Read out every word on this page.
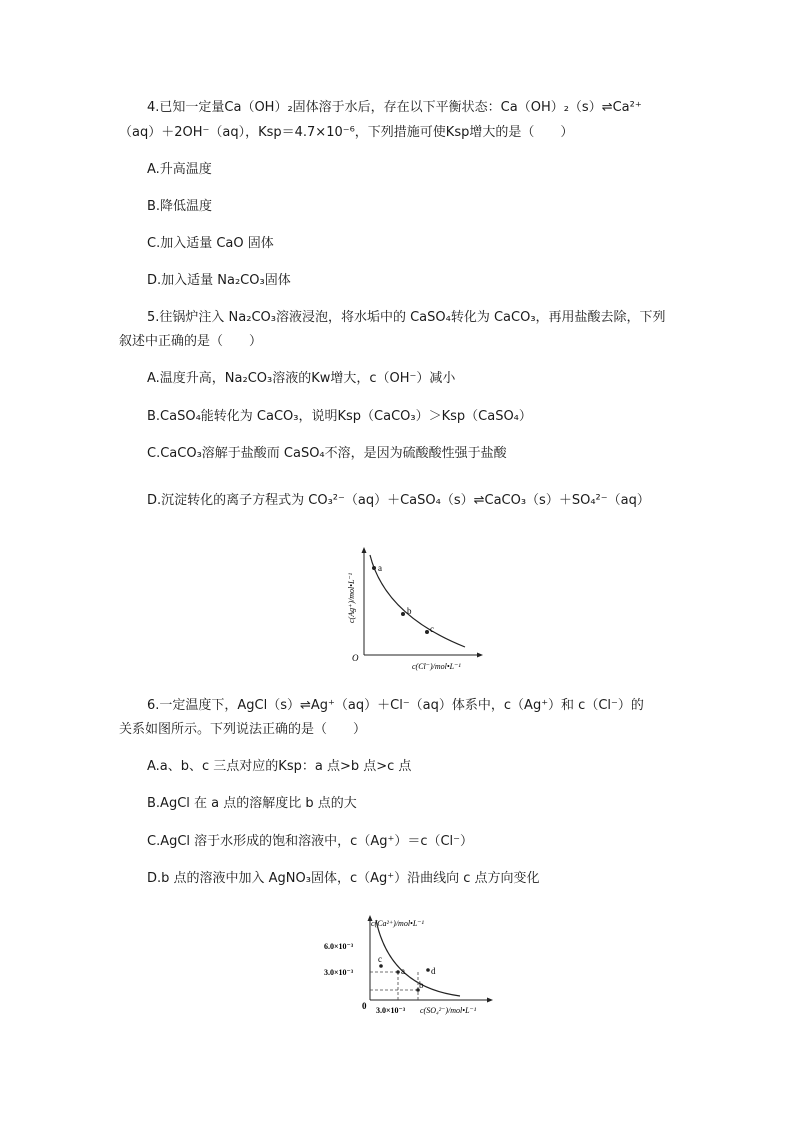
4.已知一定量Ca（OH）₂固体溶于水后，存在以下平衡状态：Ca（OH）₂（s）⇌Ca²⁺
（aq）＋2OH⁻（aq），Ksp＝4.7×10⁻⁶，下列措施可使Ksp增大的是（　　）
A.升高温度
B.降低温度
C.加入适量 CaO 固体
D.加入适量 Na₂CO₃固体
5.往锅炉注入 Na₂CO₃溶液浸泡，将水垢中的 CaSO₄转化为 CaCO₃，再用盐酸去除，下列
叙述中正确的是（　　）
A.温度升高，Na₂CO₃溶液的Kw增大，c（OH⁻）减小
B.CaSO₄能转化为 CaCO₃，说明Ksp（CaCO₃）＞Ksp（CaSO₄）
C.CaCO₃溶解于盐酸而 CaSO₄不溶，是因为硫酸酸性强于盐酸
D.沉淀转化的离子方程式为 CO₃²⁻（aq）＋CaSO₄（s）⇌CaCO₃（s）＋SO₄²⁻（aq）
a
b
c
O
c(Ag⁺)/mol•L⁻¹
c(Cl⁻)/mol•L⁻¹
6.一定温度下，AgCl（s）⇌Ag⁺（aq）＋Cl⁻（aq）体系中，c（Ag⁺）和 c（Cl⁻）的
关系如图所示。下列说法正确的是（　　）
A.a、b、c 三点对应的Ksp：a 点>b 点>c 点
B.AgCl 在 a 点的溶解度比 b 点的大
C.AgCl 溶于水形成的饱和溶液中，c（Ag⁺）＝c（Cl⁻）
D.b 点的溶液中加入 AgNO₃固体，c（Ag⁺）沿曲线向 c 点方向变化
c
a	d
b
6.0×10⁻³
3.0×10⁻³
0 3.0×10⁻³ c(SO₄²⁻)/mol•L⁻¹
c(Ca²⁺)/mol•L⁻¹
